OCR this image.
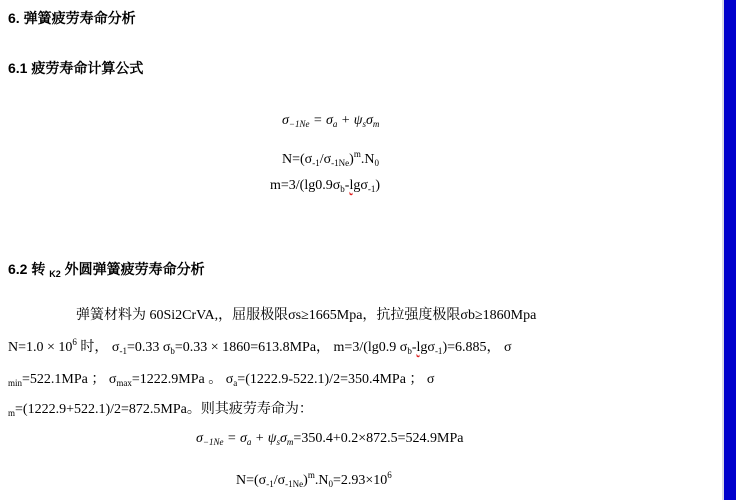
6. 弹簧疲劳寿命分析
6.1 疲劳寿命计算公式
$\sigma_{-1Ne} = \sigma_a + \psi_s\sigma_m$
$N=(\sigma_{-1}/\sigma_{-1Ne})^m.N_0$
$m=3/(\lg 0.9\sigma_b-\lg\sigma_{-1})$
6.2 转 $_{K2}$ 外圆弹簧疲劳寿命分析
弹簧材料为 60Si2CrVA,，屈服极限σs≥1665Mpa，抗拉强度极限σb≥1860Mpa
$N=1.0 \times 10^6$ 时， $\sigma_{-1}=0.33$ $\sigma_b=0.33 \times 1860=613.8MPa$， m=3/(lg0.9 $\sigma_b-\lg\sigma_{-1})=6.885$， σ
$_{min}$=522.1MPa ； $\sigma_{max}=1222.9MPa$ 。 $\sigma_a=(1222.9-522.1)/2=350.4MPa$ ； σ
$_m$=(1222.9+522.1)/2=872.5MPa。则其疲劳寿命为：
$\sigma_{-1Ne} = \sigma_a + \psi_s\sigma_m=350.4+0.2\times 872.5=524.9MPa$
$N=(\sigma_{-1}/\sigma_{-1Ne})^m.N_0=2.93\times 10^6$
